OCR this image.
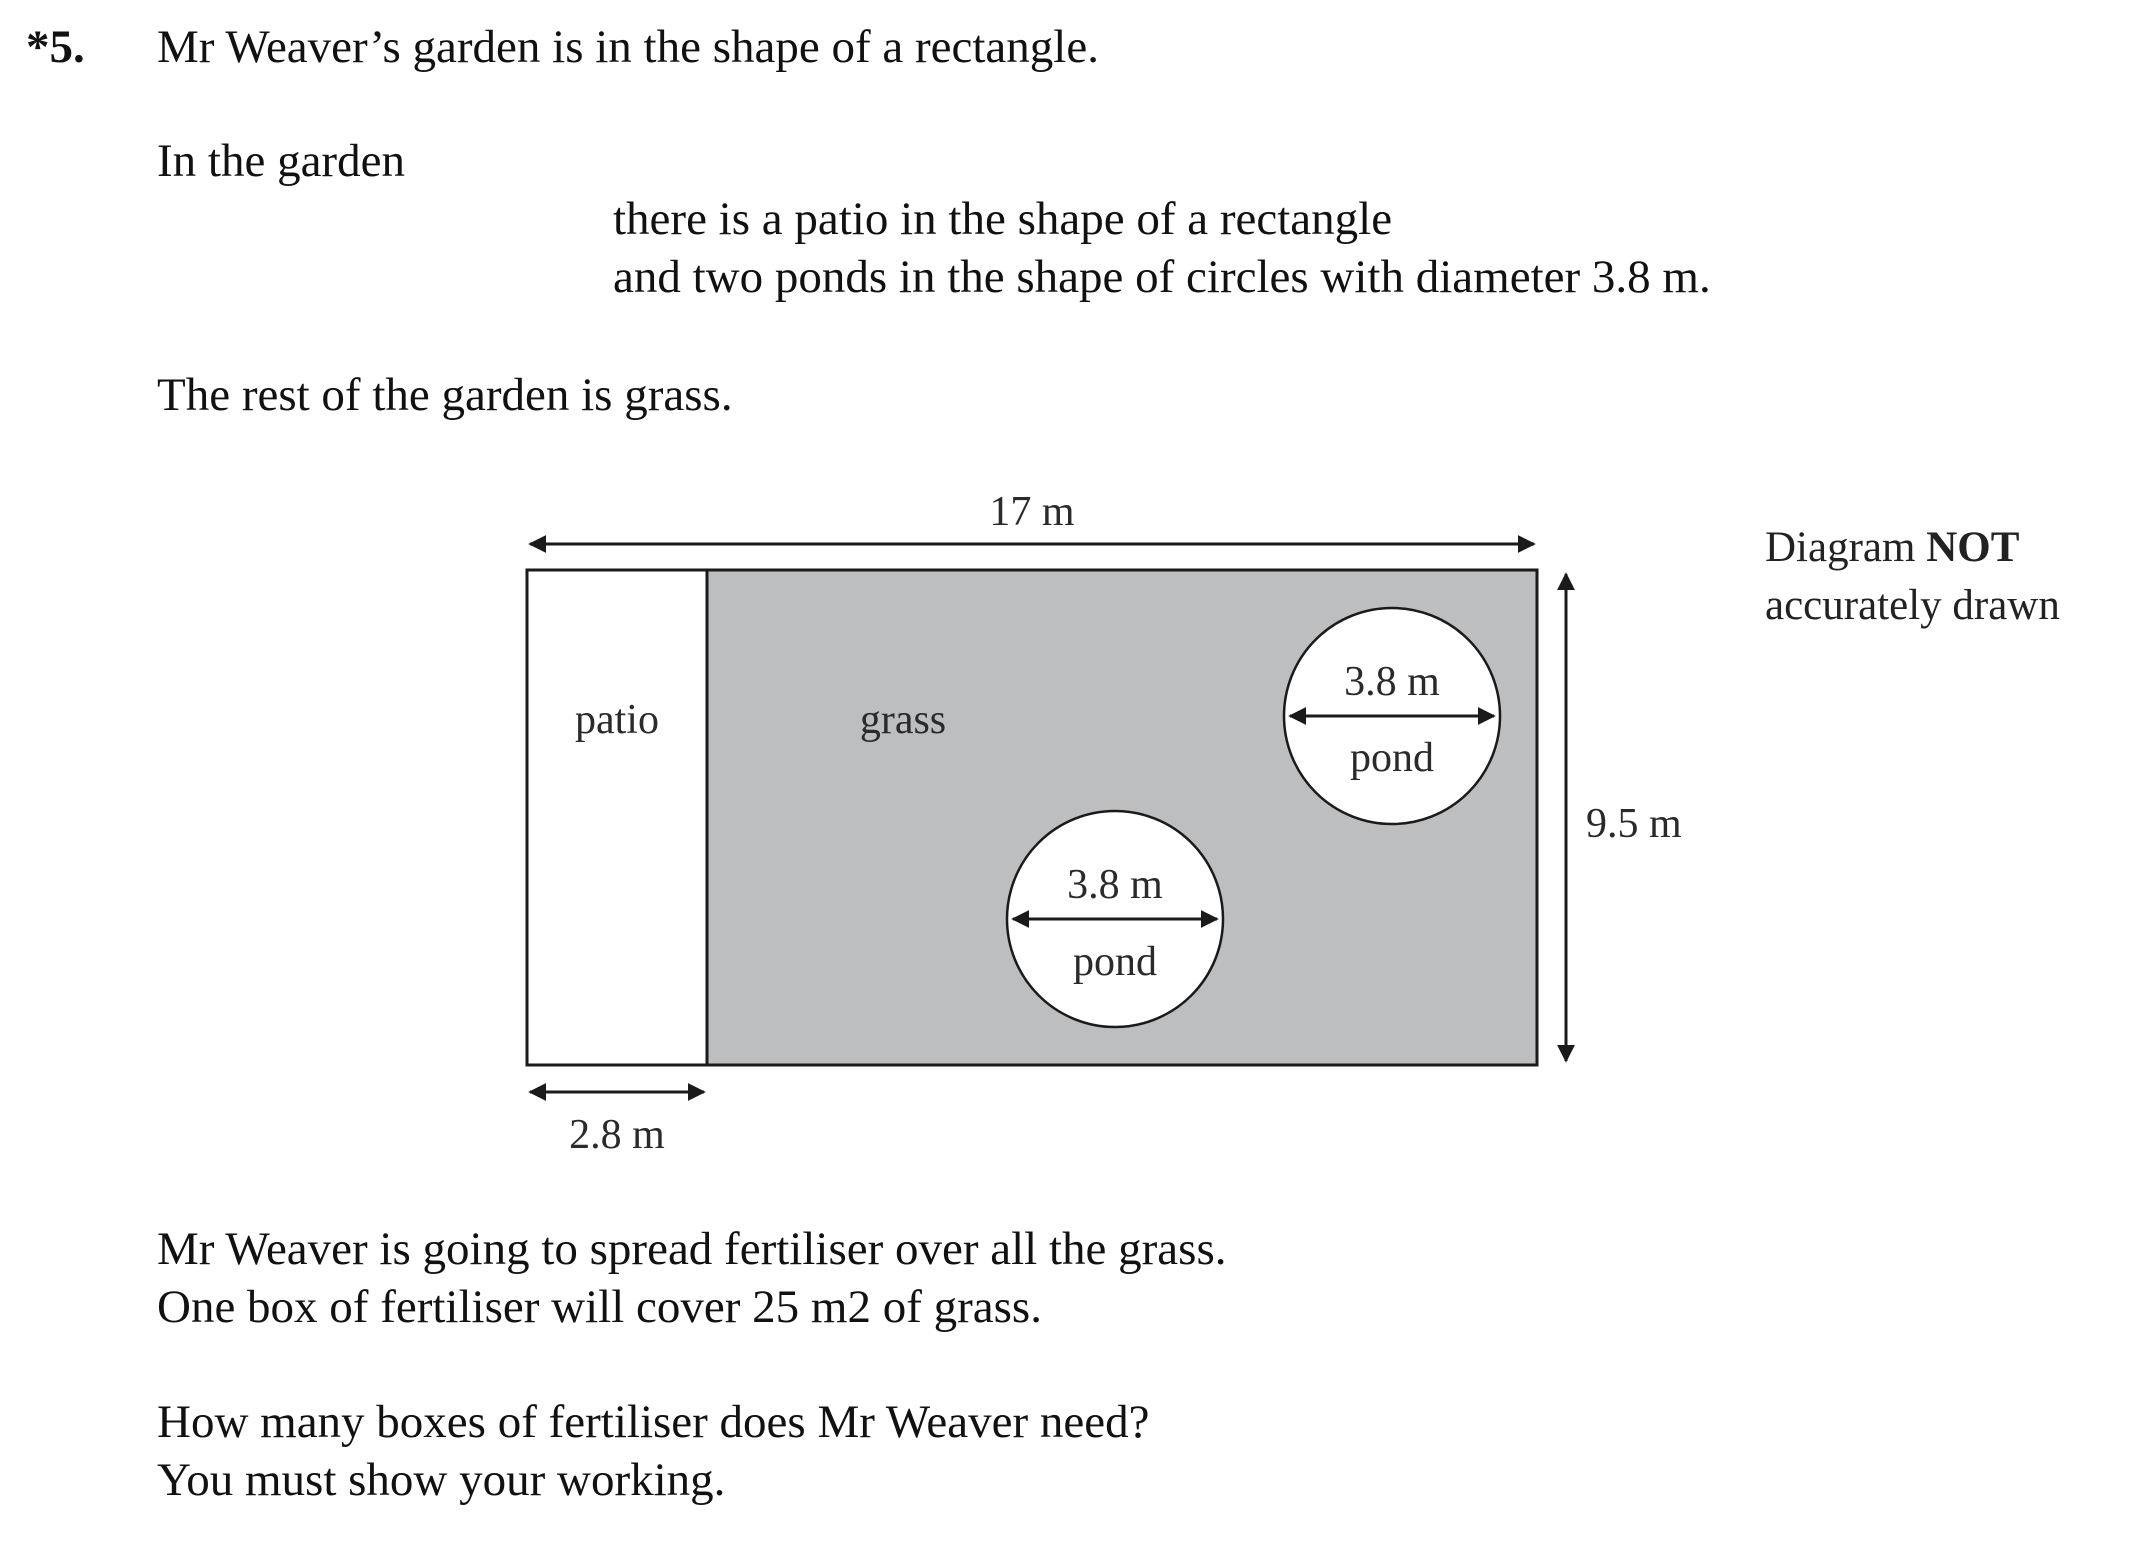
*5. Mr Weaver’s garden is in the shape of a rectangle.
In the garden
there is a patio in the shape of a rectangle
and two ponds in the shape of circles with diameter 3.8 m.
The rest of the garden is grass.
17 m
9.5 m
patio
2.8 m
grass
3.8 m
pond
3.8 m
pond
Diagram NOT
accurately drawn
Mr Weaver is going to spread fertiliser over all the grass.
One box of fertiliser will cover 25 m2 of grass.
How many boxes of fertiliser does Mr Weaver need?
You must show your working.
